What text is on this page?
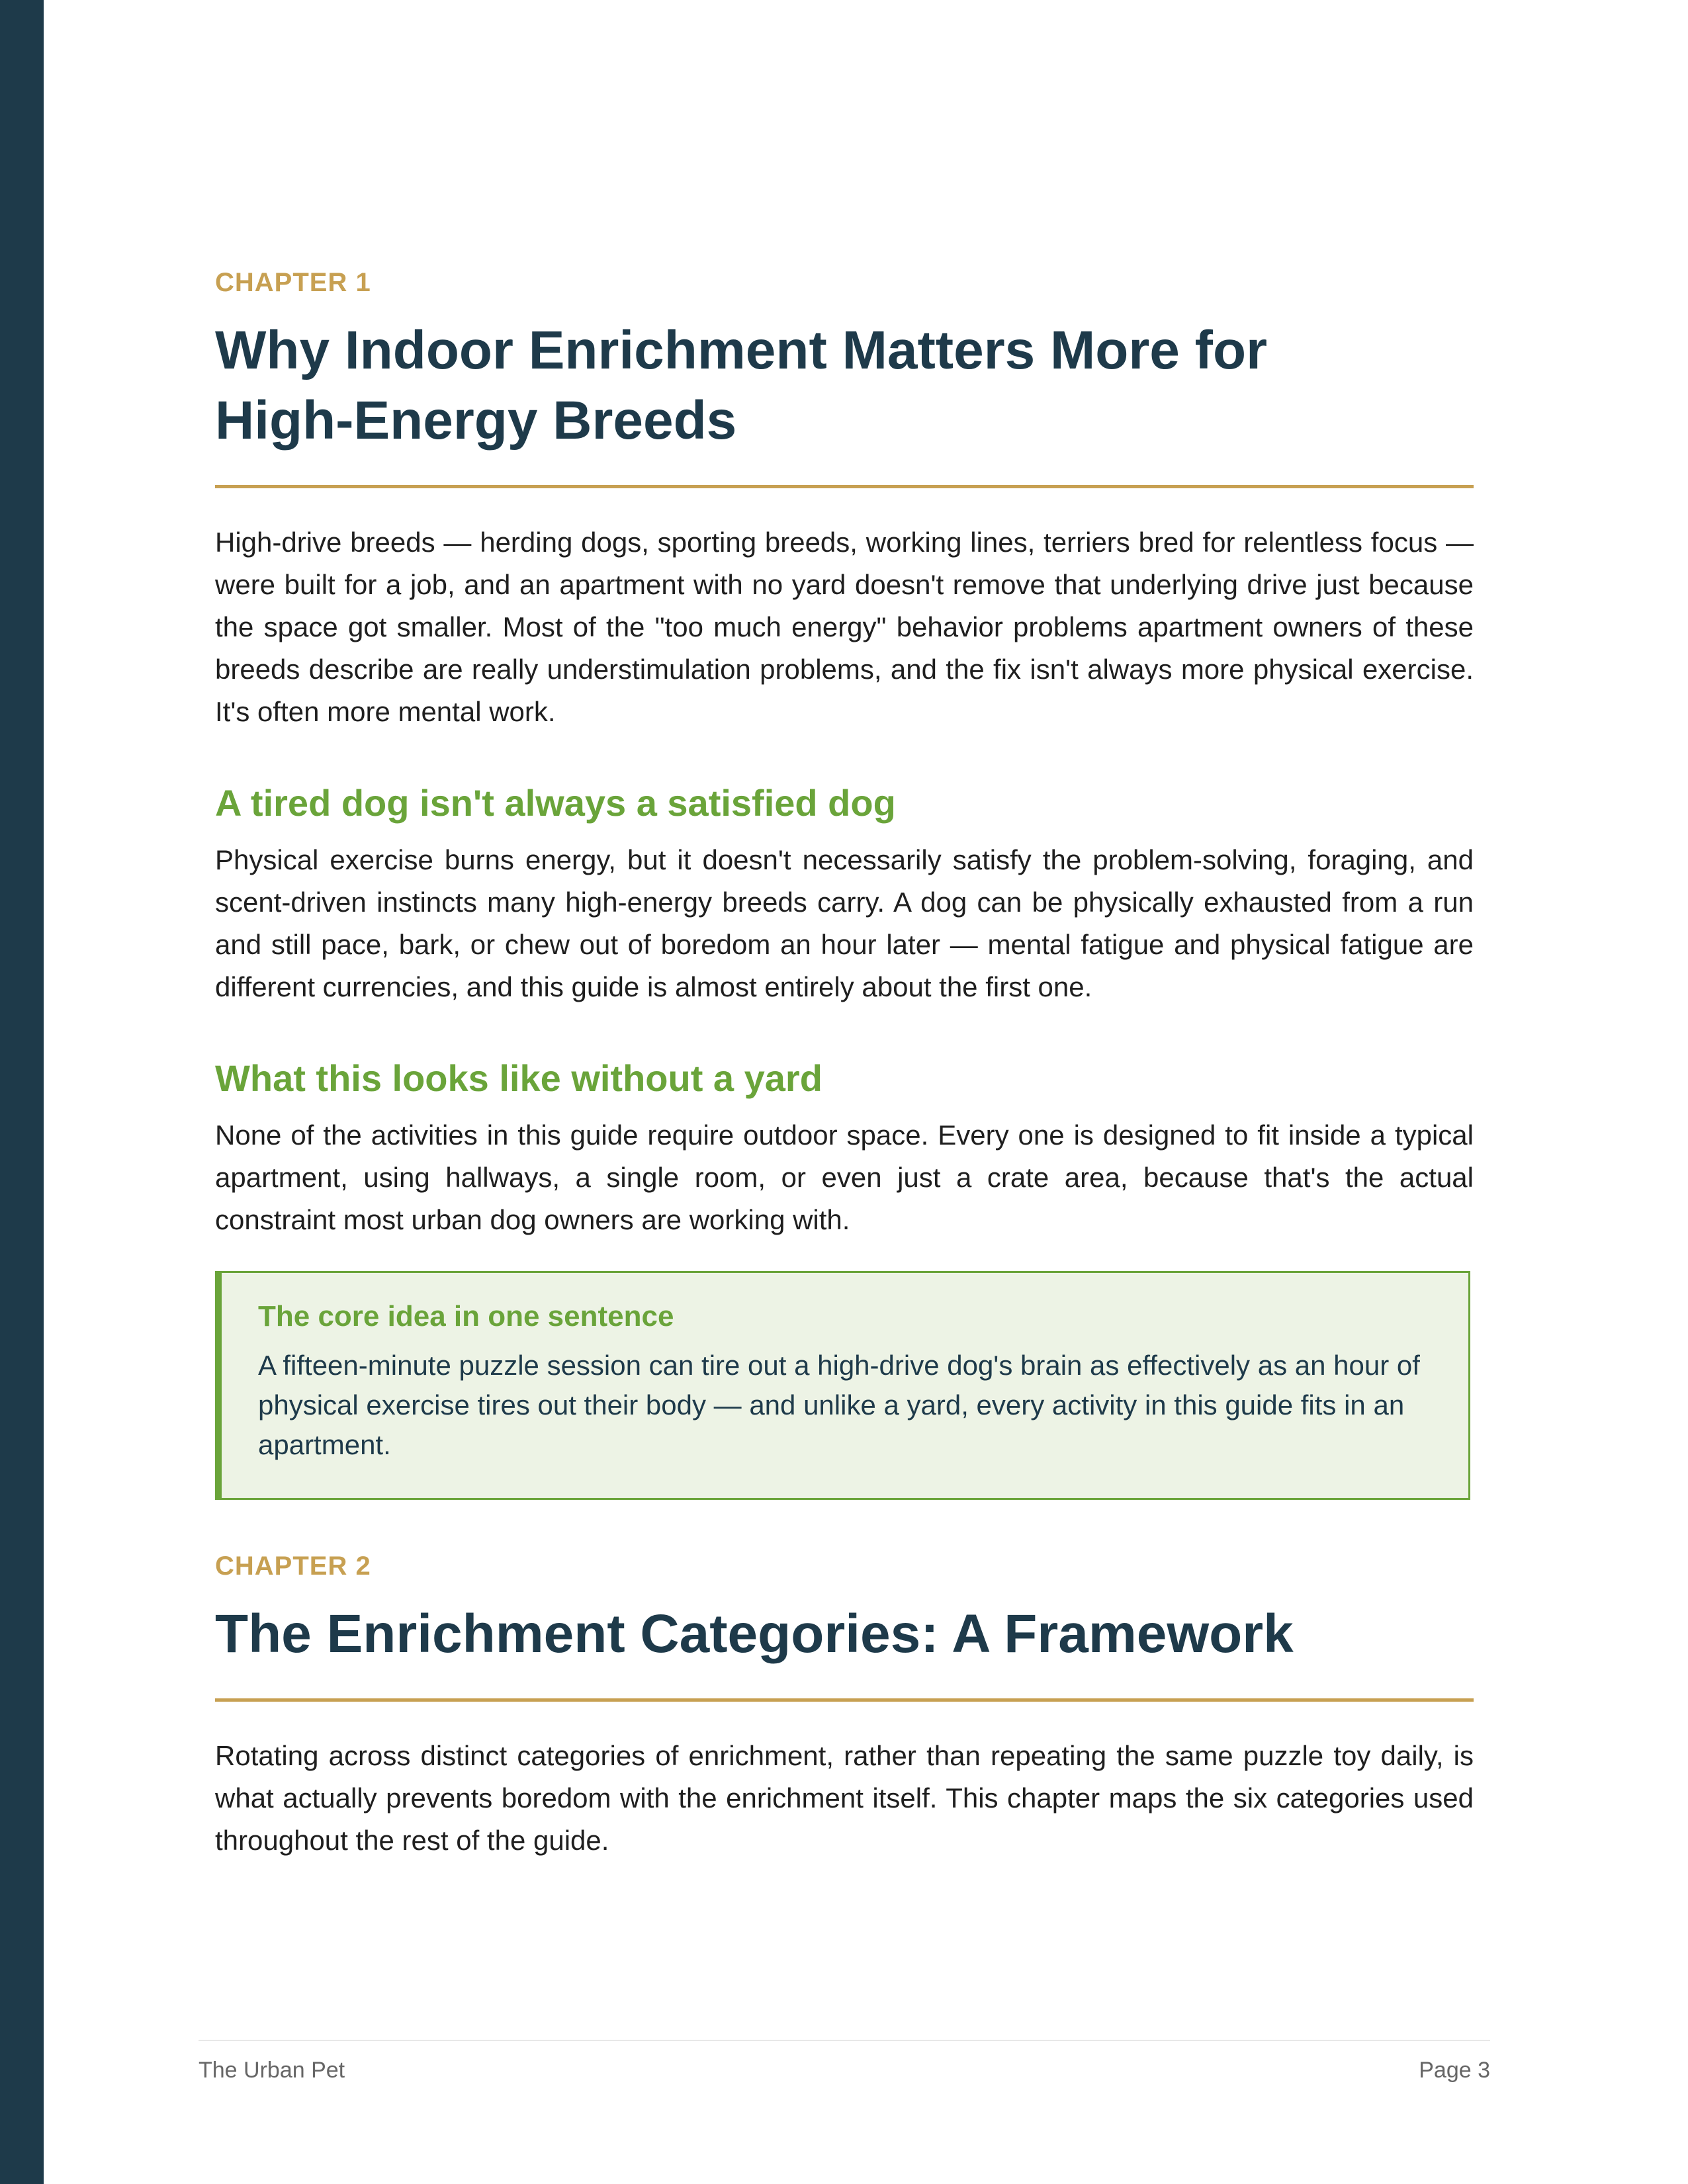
CHAPTER 1

Why Indoor Enrichment Matters More for
High-Energy Breeds

High-drive breeds — herding dogs, sporting breeds, working lines, terriers bred for relentless focus — were built for a job, and an apartment with no yard doesn't remove that underlying drive just because the space got smaller. Most of the "too much energy" behavior problems apartment owners of these breeds describe are really understimulation problems, and the fix isn't always more physical exercise. It's often more mental work.

A tired dog isn't always a satisfied dog

Physical exercise burns energy, but it doesn't necessarily satisfy the problem-solving, foraging, and scent-driven instincts many high-energy breeds carry. A dog can be physically exhausted from a run and still pace, bark, or chew out of boredom an hour later — mental fatigue and physical fatigue are different currencies, and this guide is almost entirely about the first one.

What this looks like without a yard

None of the activities in this guide require outdoor space. Every one is designed to fit inside a typical apartment, using hallways, a single room, or even just a crate area, because that's the actual constraint most urban dog owners are working with.

The core idea in one sentence

A fifteen-minute puzzle session can tire out a high-drive dog's brain as effectively as an hour of physical exercise tires out their body — and unlike a yard, every activity in this guide fits in an apartment.

CHAPTER 2

The Enrichment Categories: A Framework

Rotating across distinct categories of enrichment, rather than repeating the same puzzle toy daily, is what actually prevents boredom with the enrichment itself. This chapter maps the six categories used throughout the rest of the guide.

The Urban Pet	Page 3
